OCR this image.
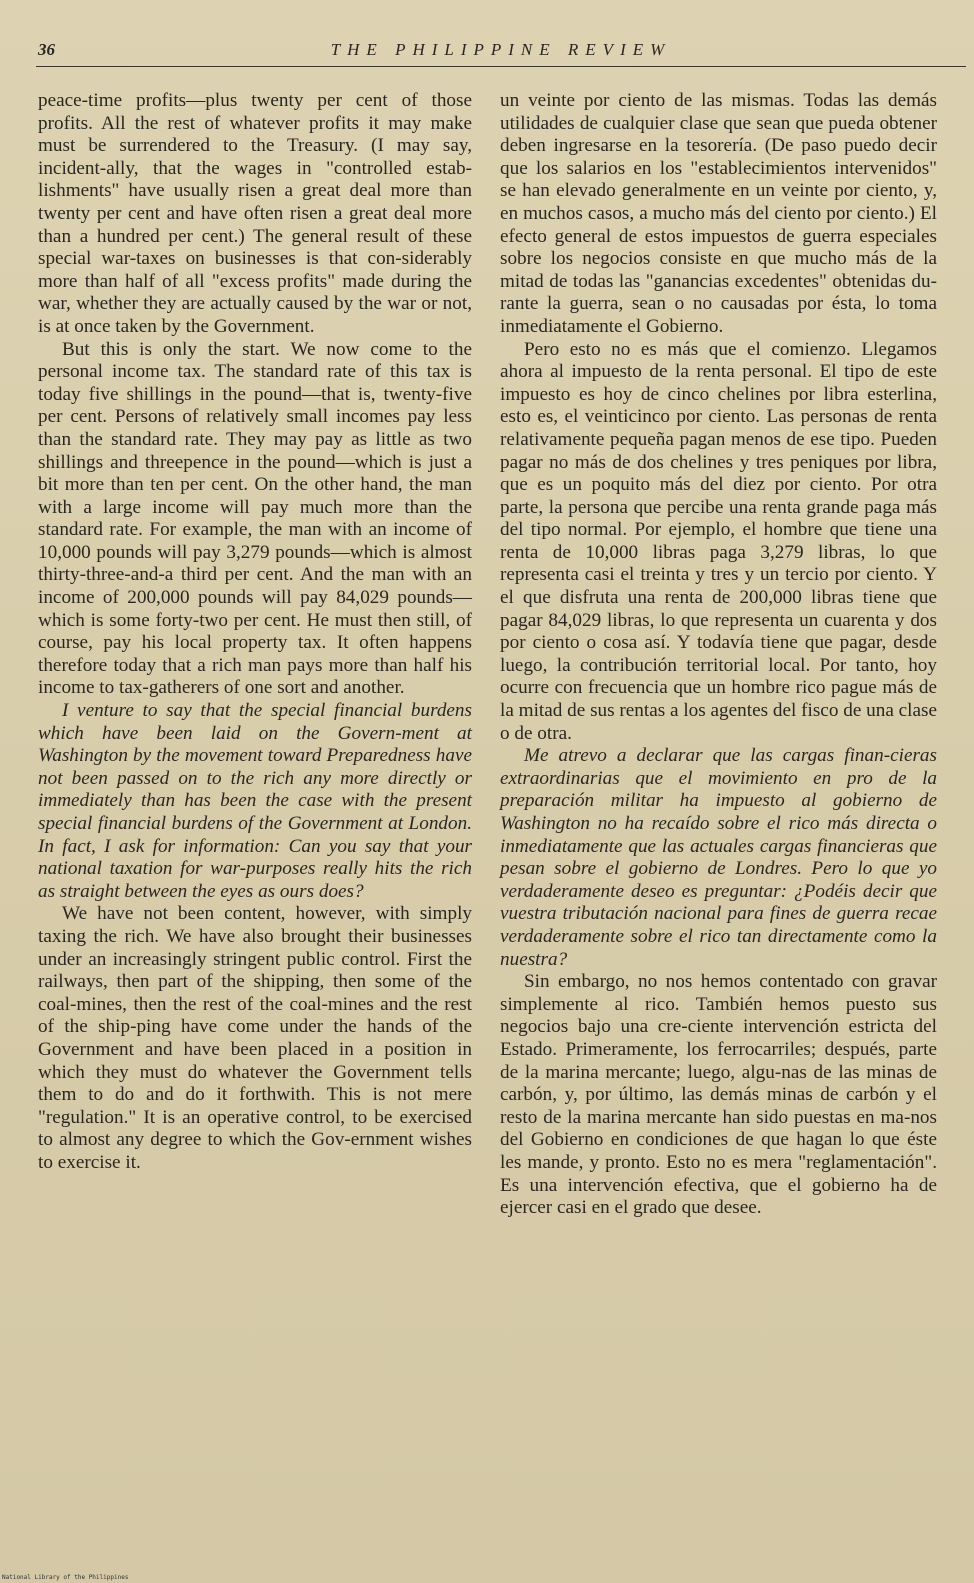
36	THE PHILIPPINE REVIEW

peace-time profits—plus twenty per cent of those profits. All the rest of whatever profits it may make must be surrendered to the Treasury. (I may say, incident-ally, that the wages in "controlled estab-lishments" have usually risen a great deal more than twenty per cent and have often risen a great deal more than a hundred per cent.) The general result of these special war-taxes on businesses is that con-siderably more than half of all "excess profits" made during the war, whether they are actually caused by the war or not, is at once taken by the Government.

But this is only the start. We now come to the personal income tax. The standard rate of this tax is today five shillings in the pound—that is, twenty-five per cent. Persons of relatively small incomes pay less than the standard rate. They may pay as little as two shillings and threepence in the pound—which is just a bit more than ten per cent. On the other hand, the man with a large income will pay much more than the standard rate. For example, the man with an income of 10,000 pounds will pay 3,279 pounds—which is almost thirty-three-and-a third per cent. And the man with an income of 200,000 pounds will pay 84,029 pounds—which is some forty-two per cent. He must then still, of course, pay his local property tax. It often happens therefore today that a rich man pays more than half his income to tax-gatherers of one sort and another.

I venture to say that the special financial burdens which have been laid on the Govern-ment at Washington by the movement toward Preparedness have not been passed on to the rich any more directly or immediately than has been the case with the present special financial burdens of the Government at London. In fact, I ask for information: Can you say that your national taxation for war-purposes really hits the rich as straight between the eyes as ours does?

We have not been content, however, with simply taxing the rich. We have also brought their businesses under an increasingly stringent public control. First the railways, then part of the shipping, then some of the coal-mines, then the rest of the coal-mines and the rest of the ship-ping have come under the hands of the Government and have been placed in a position in which they must do whatever the Government tells them to do and do it forthwith. This is not mere "regulation." It is an operative control, to be exercised to almost any degree to which the Gov-ernment wishes to exercise it.

un veinte por ciento de las mismas. Todas las demás utilidades de cualquier clase que sean que pueda obtener deben ingresarse en la tesorería. (De paso puedo decir que los salarios en los "establecimientos intervenidos" se han elevado generalmente en un veinte por ciento, y, en muchos casos, a mucho más del ciento por ciento.) El efecto general de estos impuestos de guerra especiales sobre los negocios consiste en que mucho más de la mitad de todas las "ganancias excedentes" obtenidas du-rante la guerra, sean o no causadas por ésta, lo toma inmediatamente el Gobierno.

Pero esto no es más que el comienzo. Llegamos ahora al impuesto de la renta personal. El tipo de este impuesto es hoy de cinco chelines por libra esterlina, esto es, el veinticinco por ciento. Las personas de renta relativamente pequeña pagan menos de ese tipo. Pueden pagar no más de dos chelines y tres peniques por libra, que es un poquito más del diez por ciento. Por otra parte, la persona que percibe una renta grande paga más del tipo normal. Por ejemplo, el hombre que tiene una renta de 10,000 libras paga 3,279 libras, lo que representa casi el treinta y tres y un tercio por ciento. Y el que disfruta una renta de 200,000 libras tiene que pagar 84,029 libras, lo que representa un cuarenta y dos por ciento o cosa así. Y todavía tiene que pagar, desde luego, la contribución territorial local. Por tanto, hoy ocurre con frecuencia que un hombre rico pague más de la mitad de sus rentas a los agentes del fisco de una clase o de otra.

Me atrevo a declarar que las cargas finan-cieras extraordinarias que el movimiento en pro de la preparación militar ha impuesto al gobierno de Washington no ha recaído sobre el rico más directa o inmediatamente que las actuales cargas financieras que pesan sobre el gobierno de Londres. Pero lo que yo verdaderamente deseo es preguntar: ¿Podéis decir que vuestra tributación nacional para fines de guerra recae verdaderamente sobre el rico tan directamente como la nuestra?

Sin embargo, no nos hemos contentado con gravar simplemente al rico. También hemos puesto sus negocios bajo una cre-ciente intervención estricta del Estado. Primeramente, los ferrocarriles; después, parte de la marina mercante; luego, algu-nas de las minas de carbón, y, por último, las demás minas de carbón y el resto de la marina mercante han sido puestas en ma-nos del Gobierno en condiciones de que hagan lo que éste les mande, y pronto. Esto no es mera "reglamentación". Es una intervención efectiva, que el gobierno ha de ejercer casi en el grado que desee.

National Library of the Philippines
